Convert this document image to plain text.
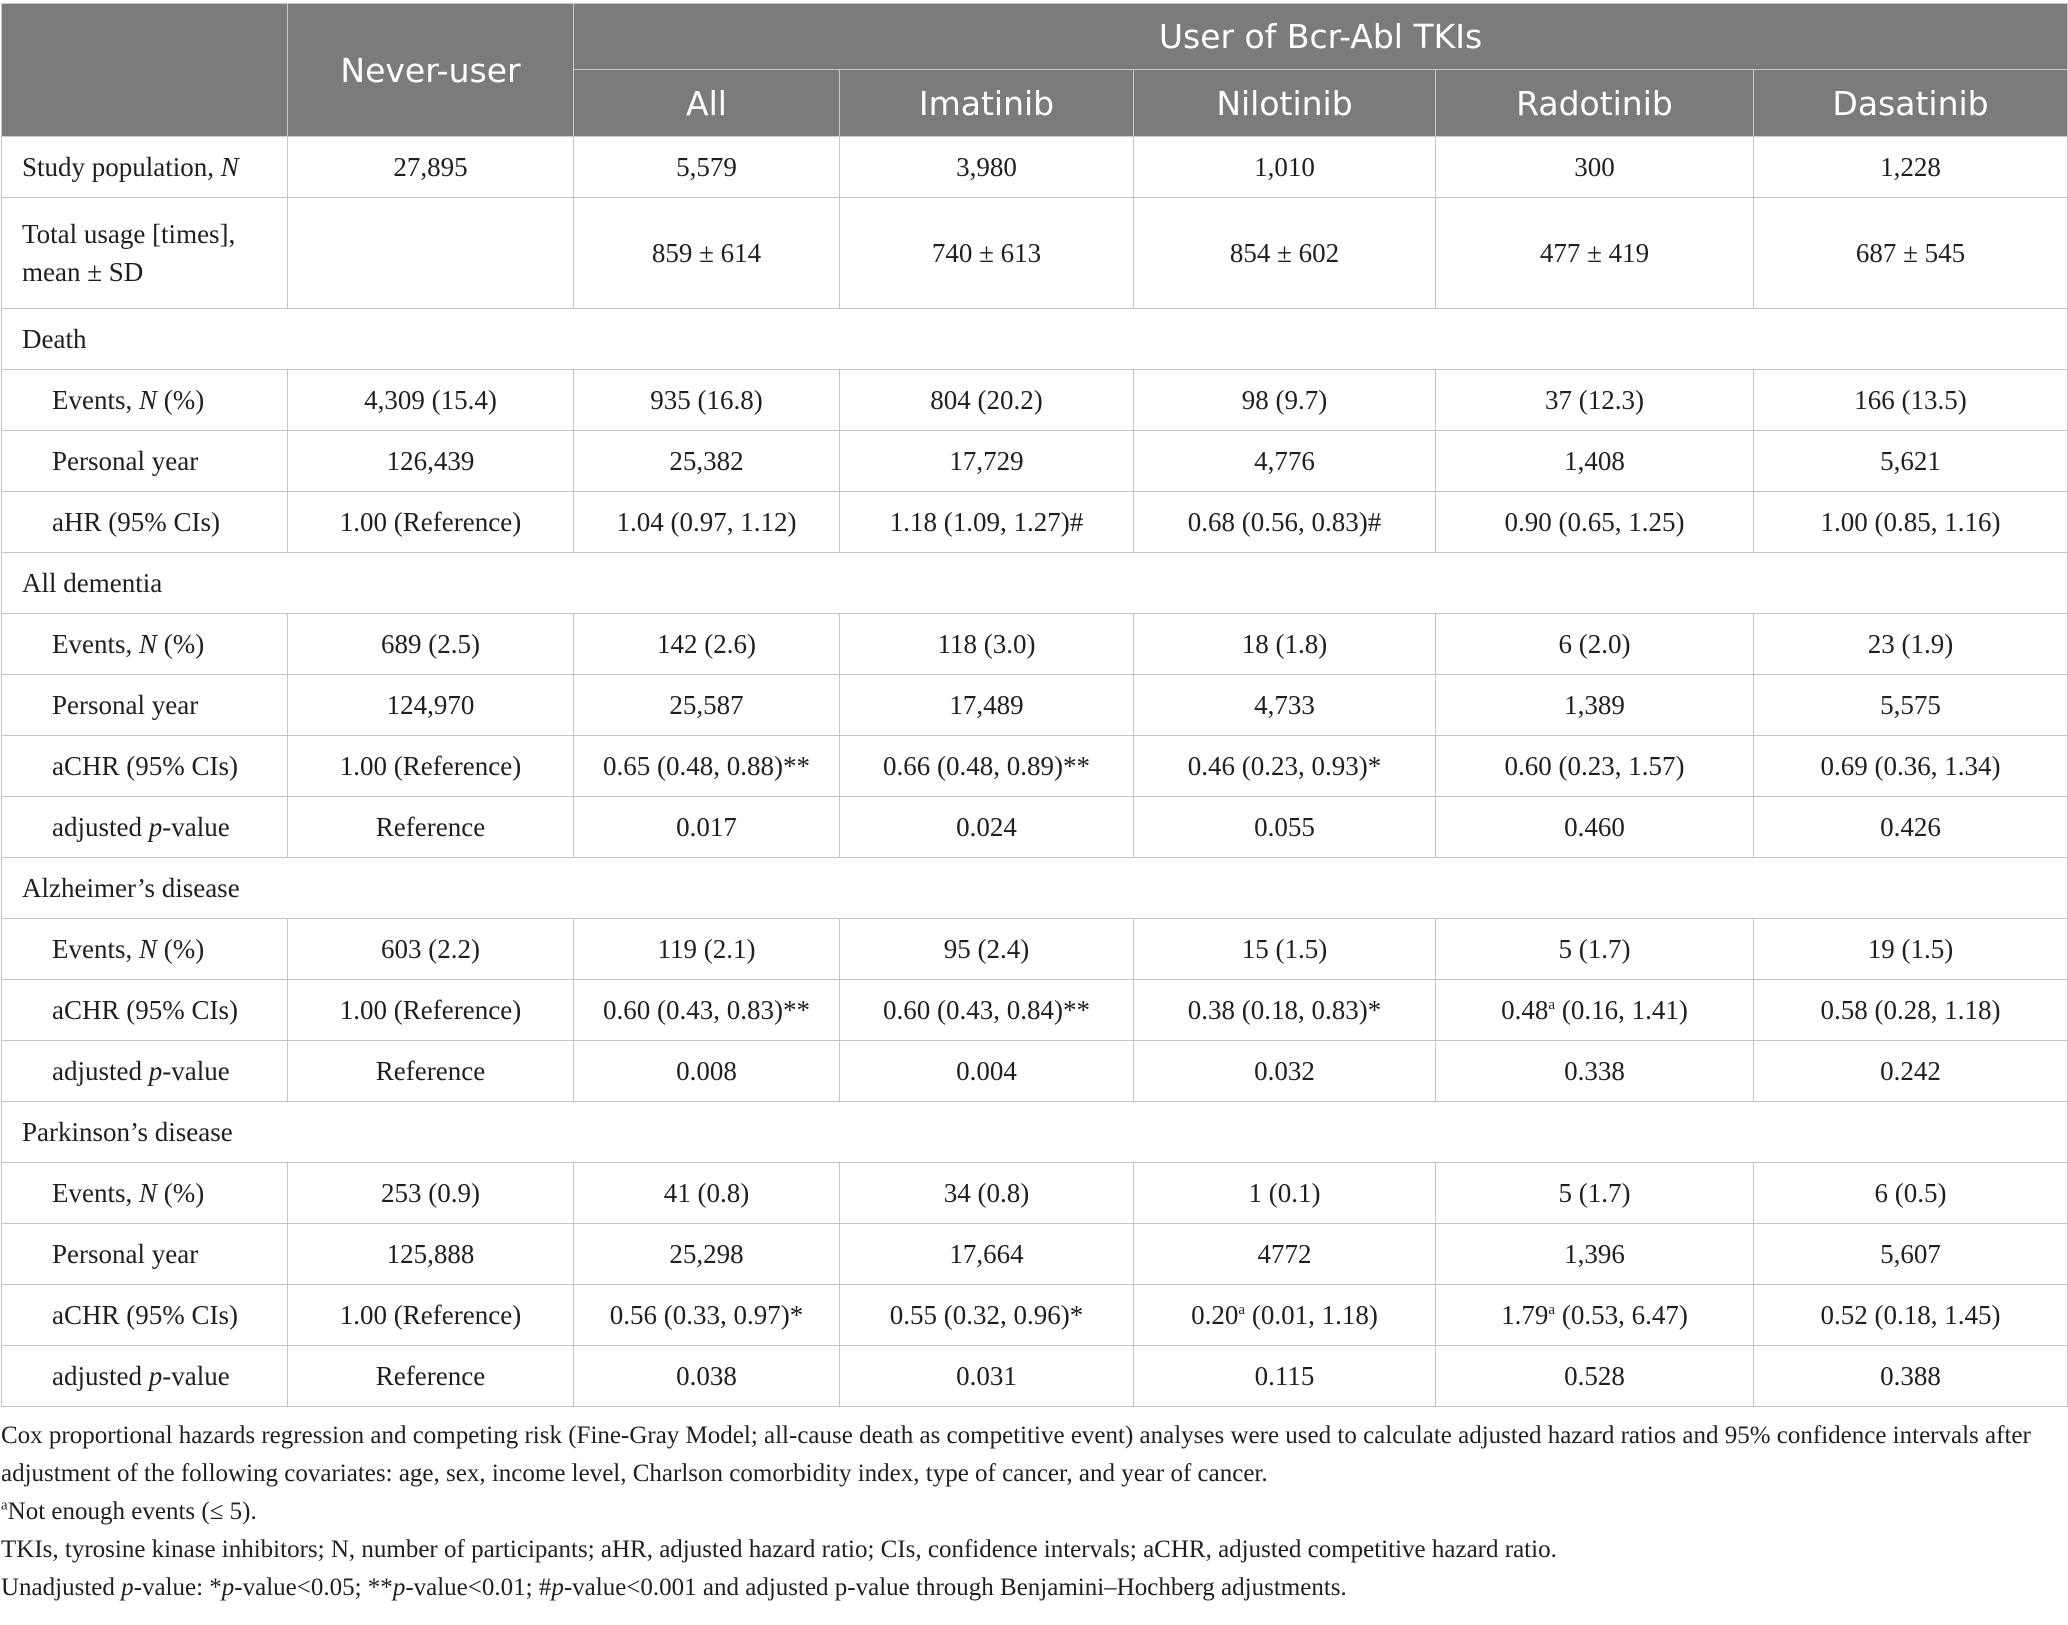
	Never-user	User of Bcr-Abl TKIs				
		All	Imatinib	Nilotinib	Radotinib	Dasatinib
Study population, N	27,895	5,579	3,980	1,010	300	1,228

Total usage [times],
mean ± SD		859 ± 614	740 ± 613	854 ± 602	477 ± 419	687 ± 545
Death						
Events, N (%)	4,309 (15.4)	935 (16.8)	804 (20.2)	98 (9.7)	37 (12.3)	166 (13.5)
Personal year	126,439	25,382	17,729	4,776	1,408	5,621
aHR (95% CIs)	1.00 (Reference)	1.04 (0.97, 1.12)	1.18 (1.09, 1.27)#	0.68 (0.56, 0.83)#	0.90 (0.65, 1.25)	1.00 (0.85, 1.16)
All dementia						
Events, N (%)	689 (2.5)	142 (2.6)	118 (3.0)	18 (1.8)	6 (2.0)	23 (1.9)
Personal year	124,970	25,587	17,489	4,733	1,389	5,575
aCHR (95% CIs)	1.00 (Reference)	0.65 (0.48, 0.88)**	0.66 (0.48, 0.89)**	0.46 (0.23, 0.93)*	0.60 (0.23, 1.57)	0.69 (0.36, 1.34)
adjusted p-value	Reference	0.017	0.024	0.055	0.460	0.426
Alzheimer’s disease						
Events, N (%)	603 (2.2)	119 (2.1)	95 (2.4)	15 (1.5)	5 (1.7)	19 (1.5)
aCHR (95% CIs)	1.00 (Reference)	0.60 (0.43, 0.83)**	0.60 (0.43, 0.84)**	0.38 (0.18, 0.83)*	0.48$^a$ (0.16, 1.41)	0.58 (0.28, 1.18)
adjusted p-value	Reference	0.008	0.004	0.032	0.338	0.242
Parkinson’s disease						
Events, N (%)	253 (0.9)	41 (0.8)	34 (0.8)	1 (0.1)	5 (1.7)	6 (0.5)
Personal year	125,888	25,298	17,664	4772	1,396	5,607
aCHR (95% CIs)	1.00 (Reference)	0.56 (0.33, 0.97)*	0.55 (0.32, 0.96)*	0.20$^a$ (0.01, 1.18)	1.79$^a$ (0.53, 6.47)	0.52 (0.18, 1.45)
adjusted p-value	Reference	0.038	0.031	0.115	0.528	0.388

Cox proportional hazards regression and competing risk (Fine-Gray Model; all-cause death as competitive event) analyses were used to calculate adjusted hazard ratios and 95% confidence intervals after adjustment of the following covariates: age, sex, income level, Charlson comorbidity index, type of cancer, and year of cancer.

$^a$Not enough events (≤ 5).

TKIs, tyrosine kinase inhibitors; N, number of participants; aHR, adjusted hazard ratio; CIs, confidence intervals; aCHR, adjusted competitive hazard ratio.

Unadjusted p-value: *p-value<0.05; **p-value<0.01; #p-value<0.001 and adjusted p-value through Benjamini–Hochberg adjustments.
